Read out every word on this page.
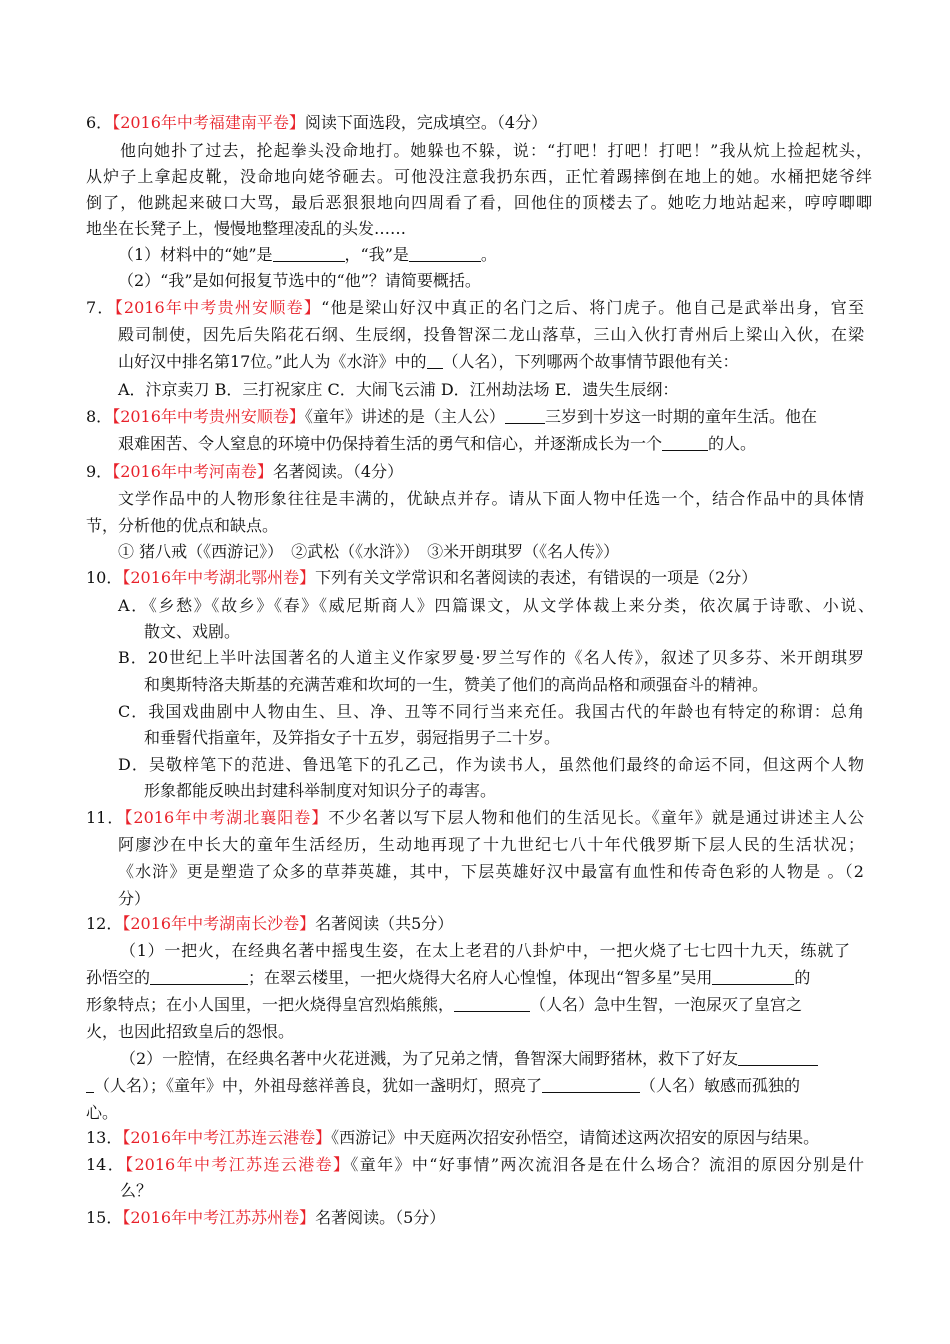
6．【2016年中考福建南平卷】阅读下面选段，完成填空。（4分）
他向她扑了过去，抡起拳头没命地打。她躲也不躲，说：“打吧！打吧！打吧！”我从炕上捡起枕头，
从炉子上拿起皮靴，没命地向姥爷砸去。可他没注意我扔东西，正忙着踢摔倒在地上的她。水桶把姥爷绊
倒了，他跳起来破口大骂，最后恶狠狠地向四周看了看，回他住的顶楼去了。她吃力地站起来，哼哼唧唧
地坐在长凳子上，慢慢地整理凌乱的头发……
（1）材料中的“她”是	，“我”是	。
（2）“我”是如何报复节选中的“他”？请简要概括。
7．【2016年中考贵州安顺卷】“他是梁山好汉中真正的名门之后、将门虎子。他自己是武举出身，官至
殿司制使，因先后失陷花石纲、生辰纲，投鲁智深二龙山落草，三山入伙打青州后上梁山入伙，在梁
山好汉中排名第17位。”此人为《水浒》中的 （人名），下列哪两个故事情节跟他有关：
A．汴京卖刀 B．三打祝家庄 C．大闹飞云浦 D．江州劫法场 E．遗失生辰纲：
8．【2016年中考贵州安顺卷】《童年》讲述的是（主人公）	三岁到十岁这一时期的童年生活。他在
艰难困苦、令人窒息的环境中仍保持着生活的勇气和信心，并逐渐成长为一个	的人。
9．【2016年中考河南卷】名著阅读。（4分）
文学作品中的人物形象往往是丰满的，优缺点并存。请从下面人物中任选一个，结合作品中的具体情
节，分析他的优点和缺点。
① 猪八戒（《西游记》）　②武松（《水浒》）　③米开朗琪罗（《名人传》）
10．【2016年中考湖北鄂州卷】下列有关文学常识和名著阅读的表述，有错误的一项是（2分）
A．《乡愁》《故乡》《春》《威尼斯商人》四篇课文，从文学体裁上来分类，依次属于诗歌、小说、
散文、戏剧。
B．20世纪上半叶法国著名的人道主义作家罗曼·罗兰写作的《名人传》，叙述了贝多芬、米开朗琪罗
和奥斯特洛夫斯基的充满苦难和坎坷的一生，赞美了他们的高尚品格和顽强奋斗的精神。
C．我国戏曲剧中人物由生、旦、净、丑等不同行当来充任。我国古代的年龄也有特定的称谓：总角
和垂髫代指童年，及笄指女子十五岁，弱冠指男子二十岁。
D．吴敬梓笔下的范进、鲁迅笔下的孔乙己，作为读书人，虽然他们最终的命运不同，但这两个人物
形象都能反映出封建科举制度对知识分子的毒害。
11．【2016年中考湖北襄阳卷】不少名著以写下层人物和他们的生活见长。《童年》就是通过讲述主人公
阿廖沙在中长大的童年生活经历，生动地再现了十九世纪七八十年代俄罗斯下层人民的生活状况；
《水浒》更是塑造了众多的草莽英雄，其中，下层英雄好汉中最富有血性和传奇色彩的人物是 。（2
分）
12．【2016年中考湖南长沙卷】名著阅读（共5分）
（1）一把火，在经典名著中摇曳生姿，在太上老君的八卦炉中，一把火烧了七七四十九天，练就了
孙悟空的	；在翠云楼里，一把火烧得大名府人心惶惶，体现出“智多星”吴用	的
形象特点；在小人国里，一把火烧得皇宫烈焰熊熊，	（人名）急中生智，一泡尿灭了皇宫之
火，也因此招致皇后的怨恨。
（2）一腔情，在经典名著中火花迸溅，为了兄弟之情，鲁智深大闹野猪林，救下了好友
（人名）；《童年》中，外祖母慈祥善良，犹如一盏明灯，照亮了	（人名）敏感而孤独的
心。
13．【2016年中考江苏连云港卷】《西游记》中天庭两次招安孙悟空，请简述这两次招安的原因与结果。
14．【2016年中考江苏连云港卷】《童年》中“好事情”两次流泪各是在什么场合？流泪的原因分别是什
么？
15．【2016年中考江苏苏州卷】名著阅读。（5分）
